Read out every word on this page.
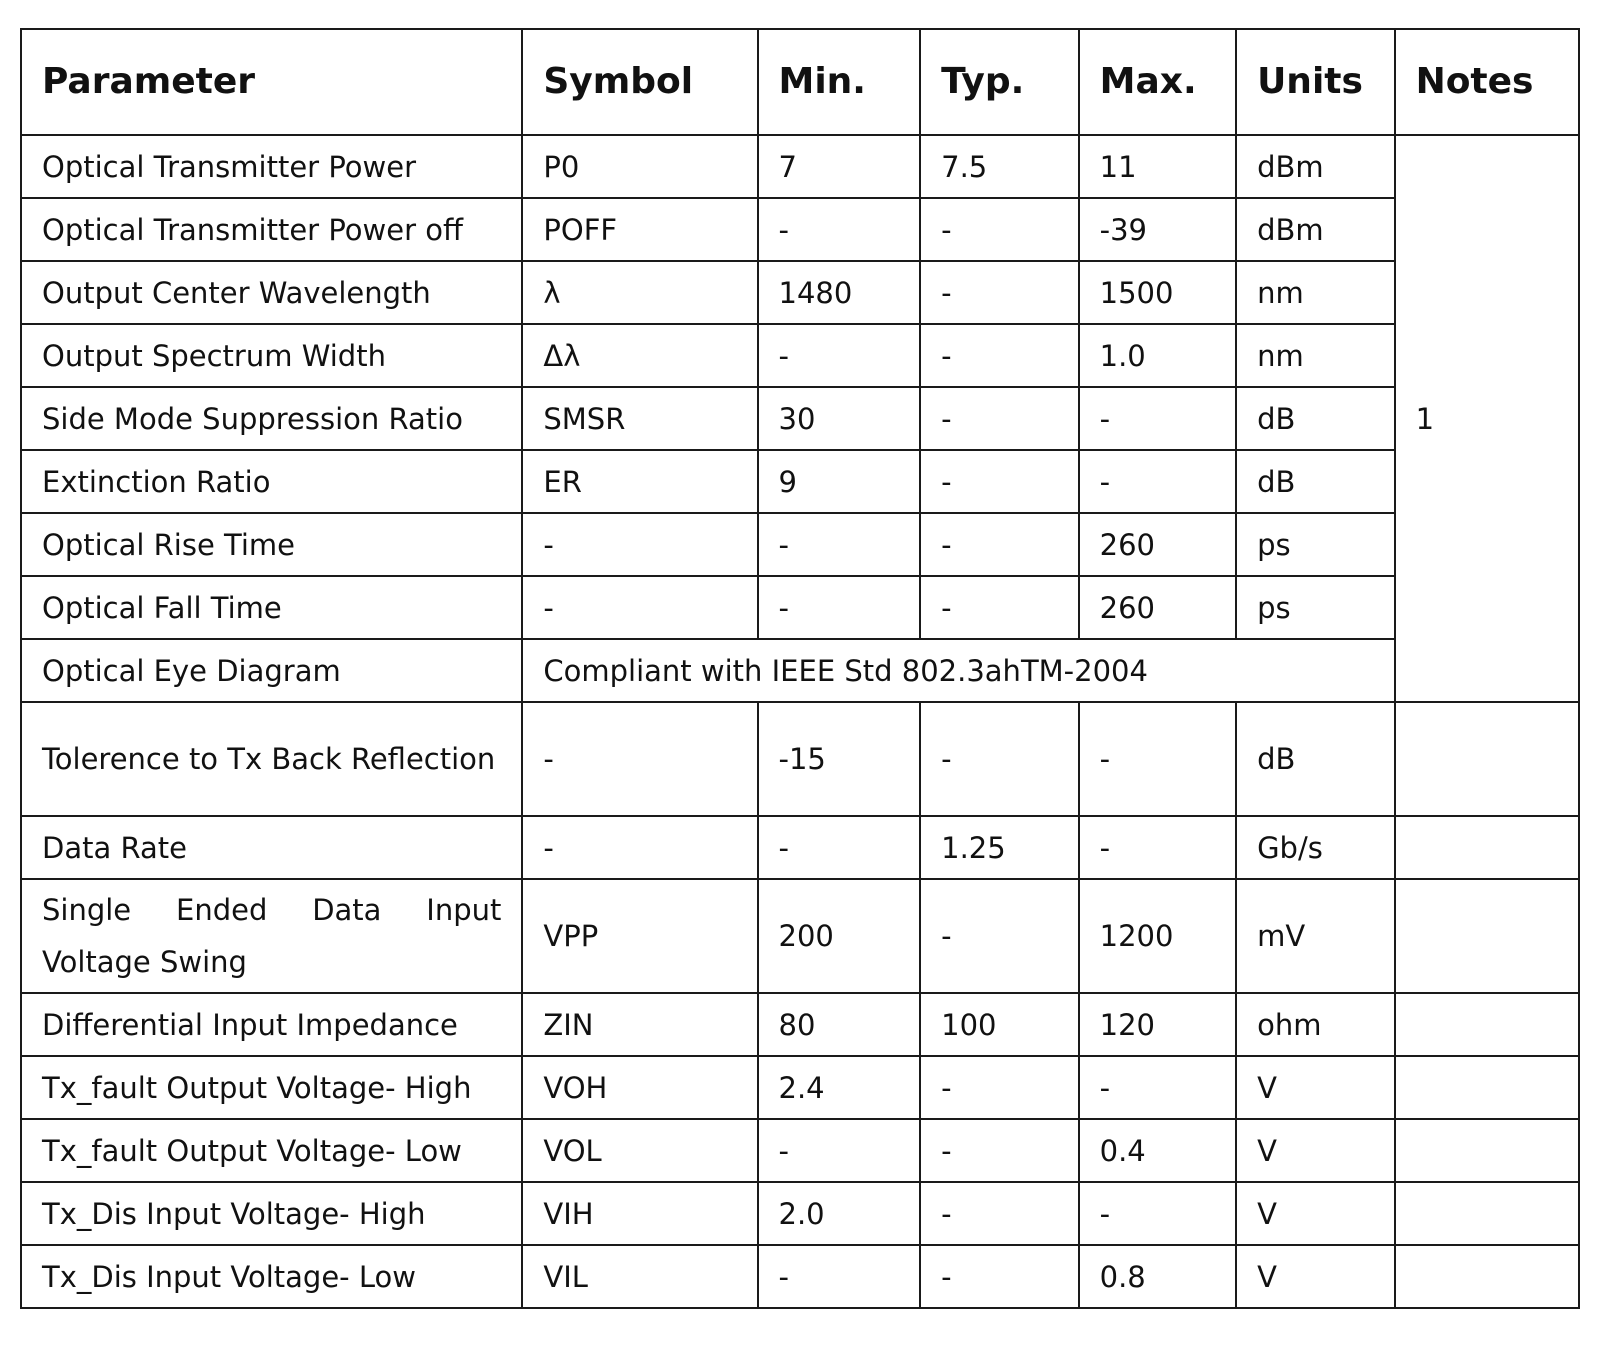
Parameter	Symbol	Min.	Typ.	Max.	Units	Notes
Optical Transmitter Power	P0	7	7.5	11	dBm	1
Optical Transmitter Power off	POFF	-	-	-39	dBm	
Output Center Wavelength	λ	1480	-	1500	nm	
Output Spectrum Width	Δλ	-	-	1.0	nm	
Side Mode Suppression Ratio	SMSR	30	-	-	dB	
Extinction Ratio	ER	9	-	-	dB	
Optical Rise Time	-	-	-	260	ps	
Optical Fall Time	-	-	-	260	ps	
Optical Eye Diagram	Compliant with IEEE Std 802.3ahTM-2004					
Tolerence to Tx Back Reflection	-	-15	-	-	dB	
Data Rate	-	-	1.25	-	Gb/s	
Single Ended Data Input Voltage Swing	VPP	200	-	1200	mV	
Differential Input Impedance	ZIN	80	100	120	ohm	
Tx_fault Output Voltage- High	VOH	2.4	-	-	V	
Tx_fault Output Voltage- Low	VOL	-	-	0.4	V	
Tx_Dis Input Voltage- High	VIH	2.0	-	-	V	
Tx_Dis Input Voltage- Low	VIL	-	-	0.8	V	
